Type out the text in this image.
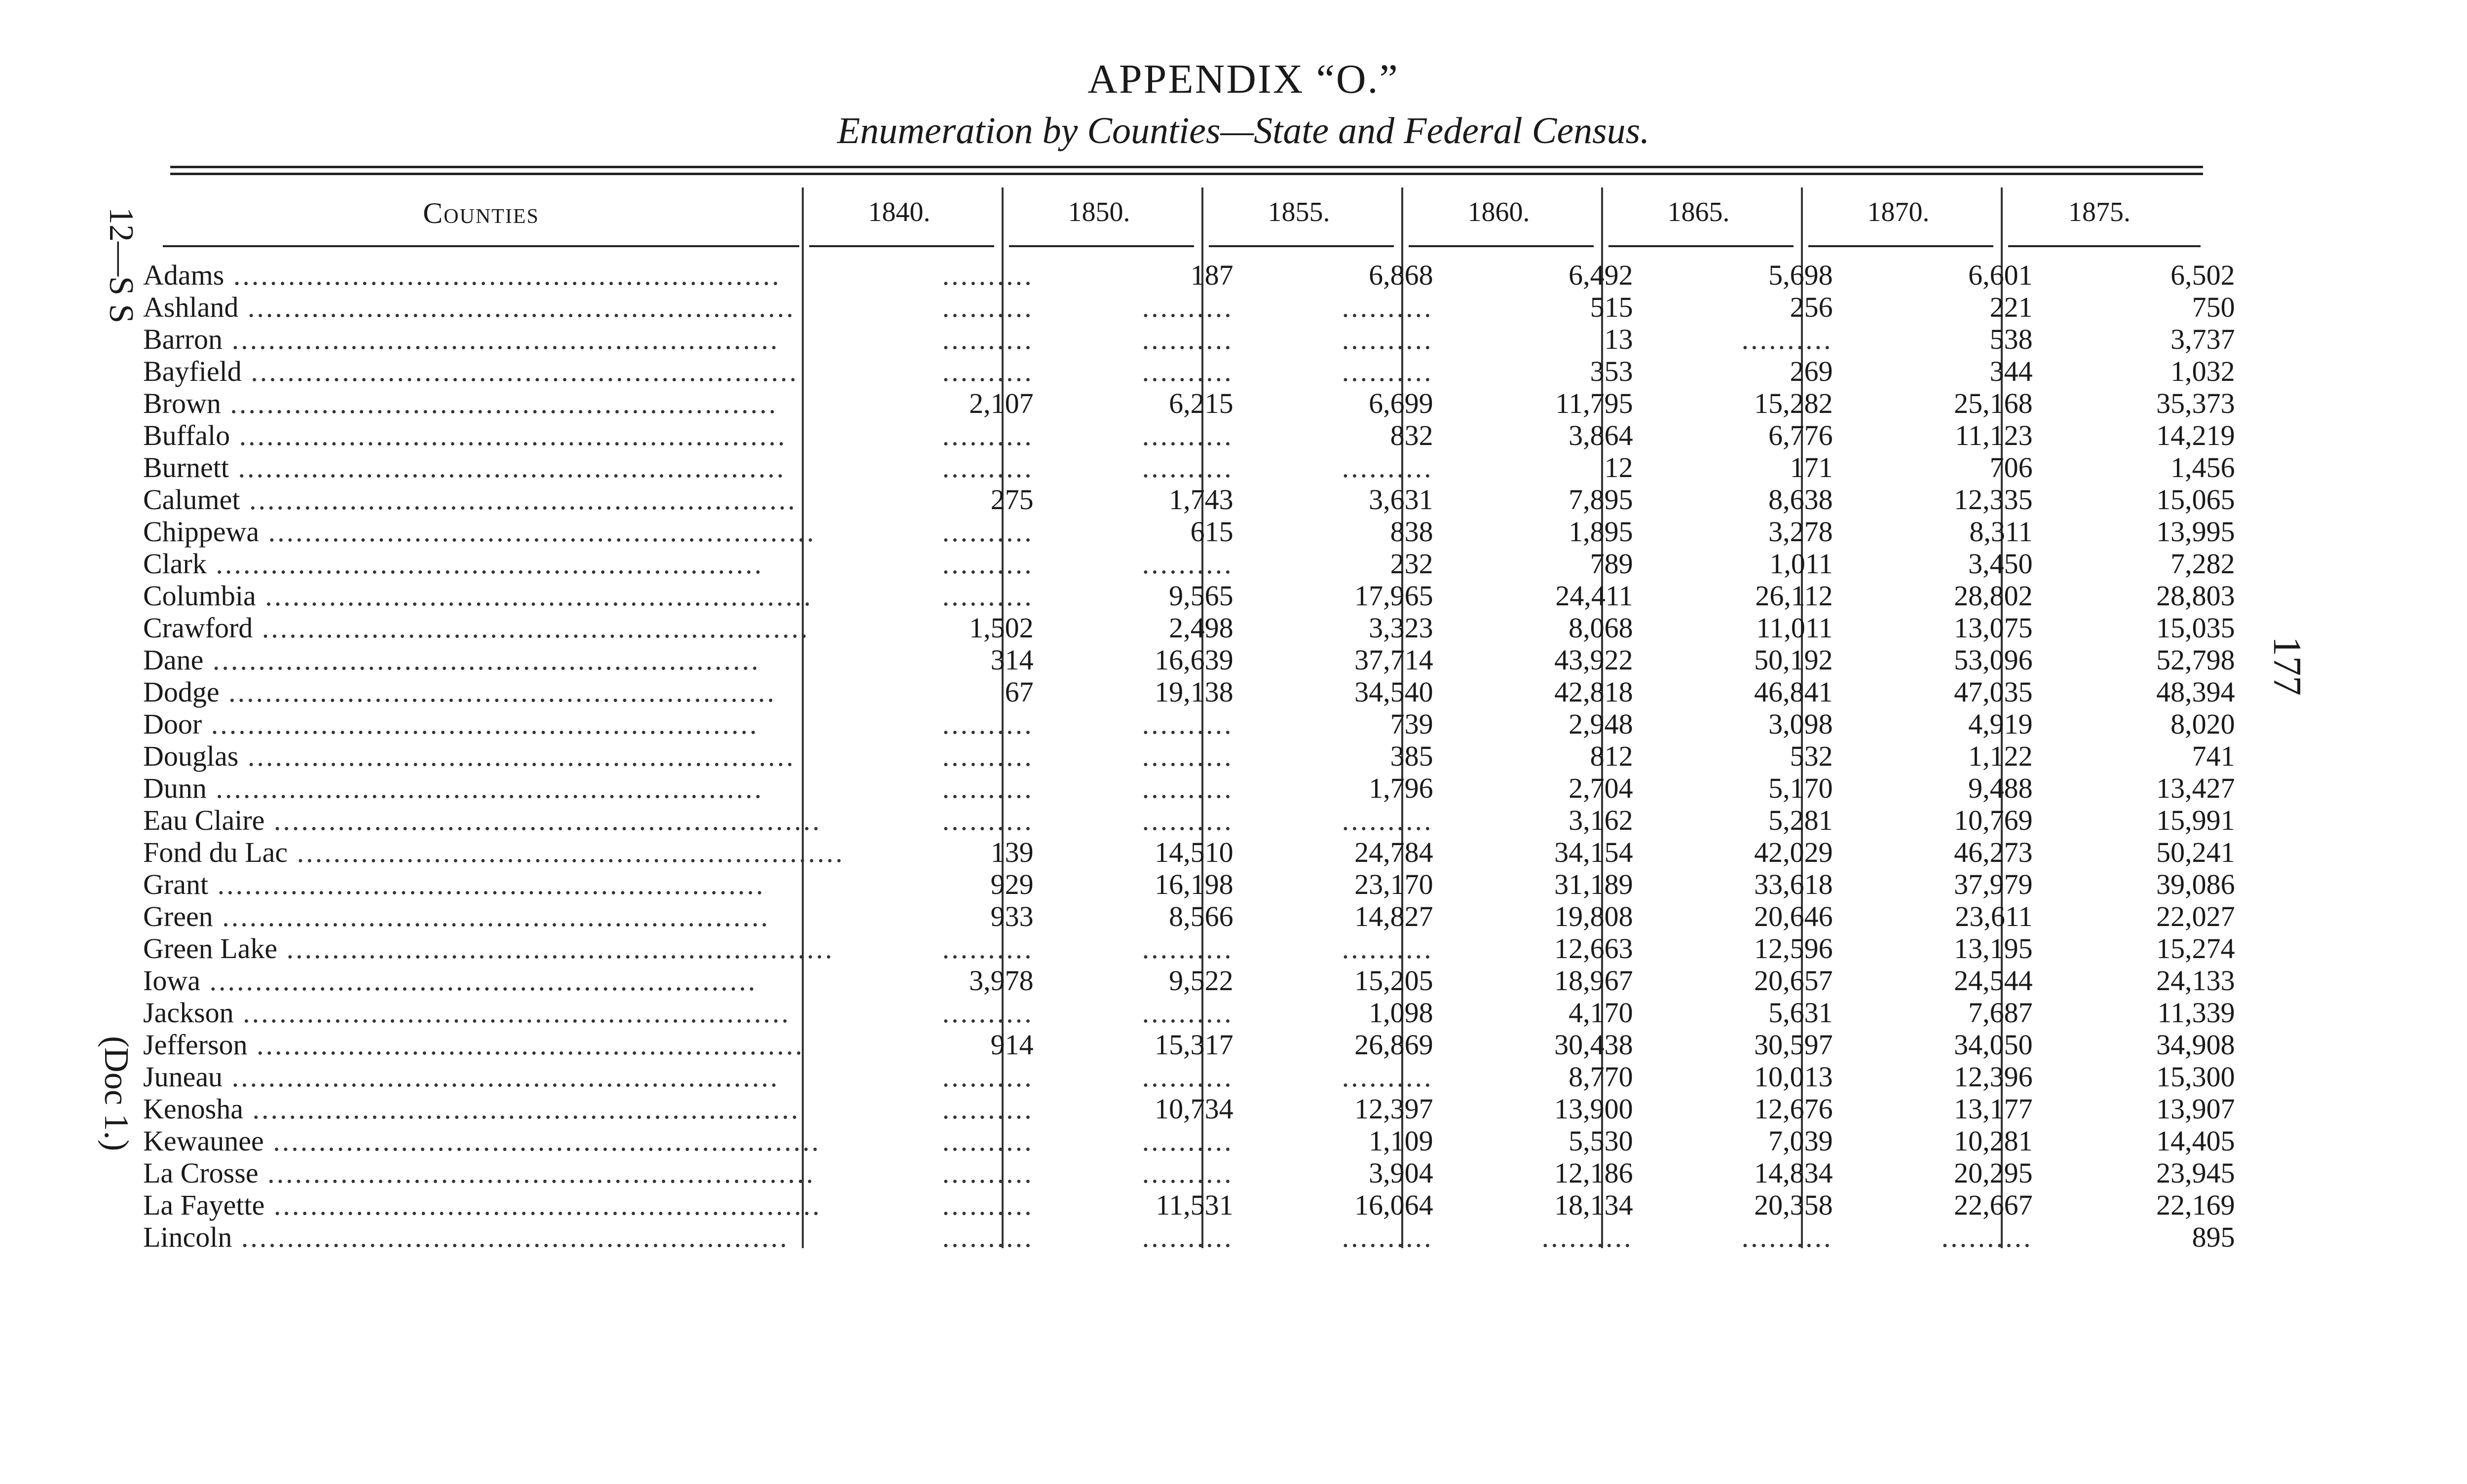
APPENDIX “O.”
Enumeration by Counties—State and Federal Census.
Counties	1840.	1850.	1855.	1860.	1865.	1870.	1875.
Adams ............................................................	..........	187	6,868	6,492	5,698	6,601	6,502
Ashland ............................................................	..........	..........	..........	515	256	221	750
Barron ............................................................	..........	..........	..........	13	..........	538	3,737
Bayfield ............................................................	..........	..........	..........	353	269	344	1,032
Brown ............................................................	2,107	6,215	6,699	11,795	15,282	25,168	35,373
Buffalo ............................................................	..........	..........	832	3,864	6,776	11,123	14,219
Burnett ............................................................	..........	..........	..........	12	171	706	1,456
Calumet ............................................................	275	1,743	3,631	7,895	8,638	12,335	15,065
Chippewa ............................................................	..........	615	838	1,895	3,278	8,311	13,995
Clark ............................................................	..........	..........	232	789	1,011	3,450	7,282
Columbia ............................................................	..........	9,565	17,965	24,411	26,112	28,802	28,803
Crawford ............................................................	1,502	2,498	3,323	8,068	11,011	13,075	15,035
Dane ............................................................	314	16,639	37,714	43,922	50,192	53,096	52,798
Dodge ............................................................	67	19,138	34,540	42,818	46,841	47,035	48,394
Door ............................................................	..........	..........	739	2,948	3,098	4,919	8,020
Douglas ............................................................	..........	..........	385	812	532	1,122	741
Dunn ............................................................	..........	..........	1,796	2,704	5,170	9,488	13,427
Eau Claire ............................................................	..........	..........	..........	3,162	5,281	10,769	15,991
Fond du Lac ............................................................	139	14,510	24,784	34,154	42,029	46,273	50,241
Grant ............................................................	929	16,198	23,170	31,189	33,618	37,979	39,086
Green ............................................................	933	8,566	14,827	19,808	20,646	23,611	22,027
Green Lake ............................................................	..........	..........	..........	12,663	12,596	13,195	15,274
Iowa ............................................................	3,978	9,522	15,205	18,967	20,657	24,544	24,133
Jackson ............................................................	..........	..........	1,098	4,170	5,631	7,687	11,339
Jefferson ............................................................	914	15,317	26,869	30,438	30,597	34,050	34,908
Juneau ............................................................	..........	..........	..........	8,770	10,013	12,396	15,300
Kenosha ............................................................	..........	10,734	12,397	13,900	12,676	13,177	13,907
Kewaunee ............................................................	..........	..........	1,109	5,530	7,039	10,281	14,405
La Crosse ............................................................	..........	..........	3,904	12,186	14,834	20,295	23,945
La Fayette ............................................................	..........	11,531	16,064	18,134	20,358	22,667	22,169
Lincoln ............................................................	..........	..........	..........	..........	..........	..........	895
12—S S
(Doc 1.)
177
